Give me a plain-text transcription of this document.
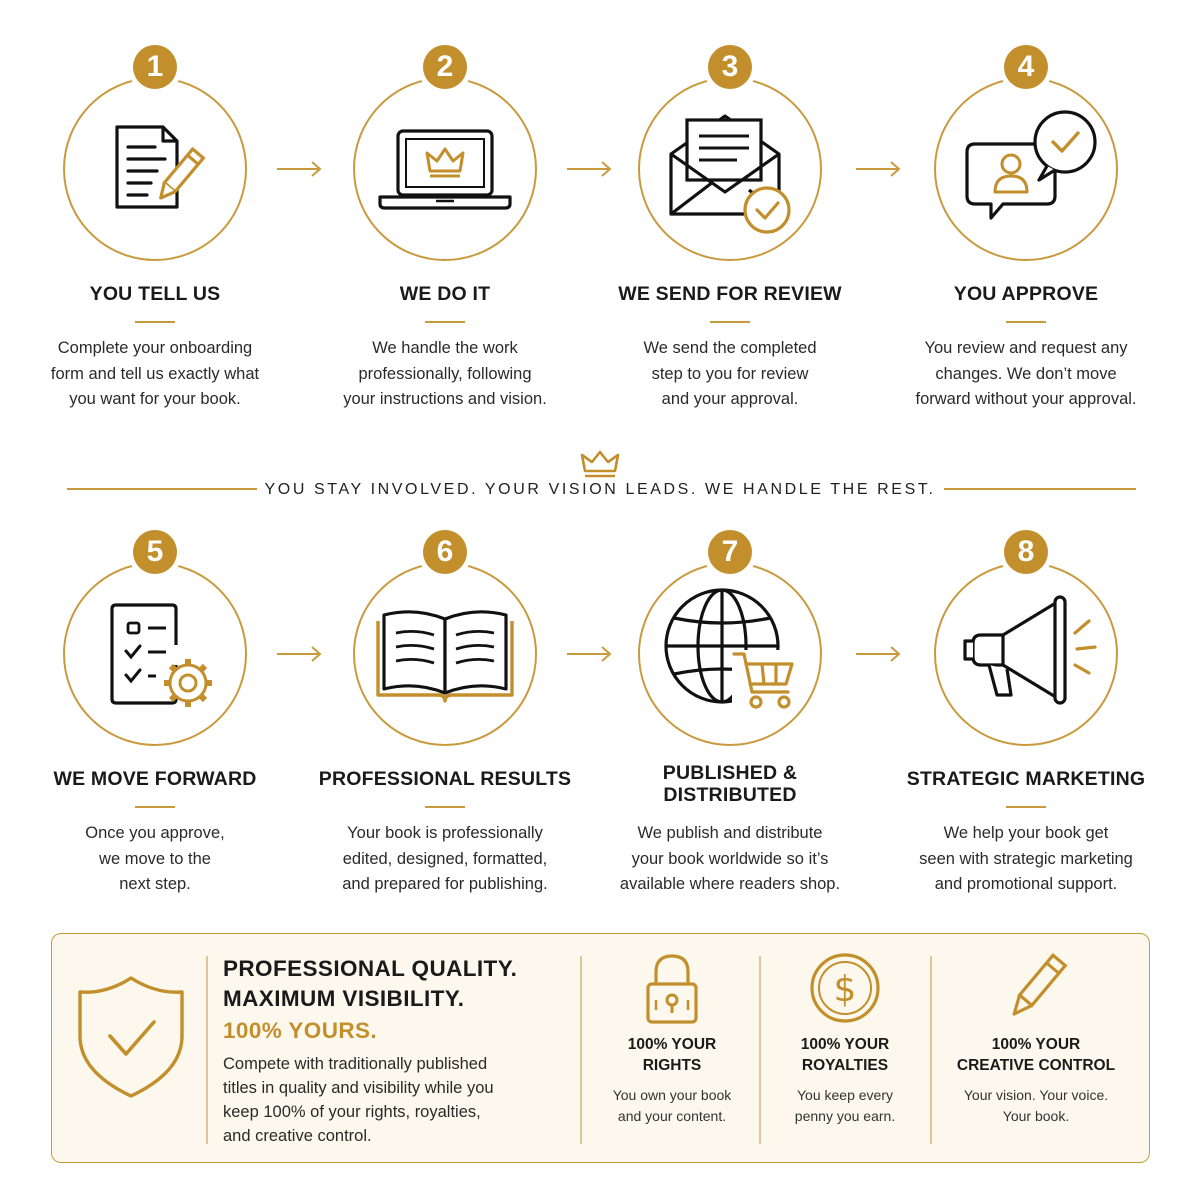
1
YOU TELL US
Complete your onboarding
form and tell us exactly what
you want for your book.
2
WE DO IT
We handle the work
professionally, following
your instructions and vision.
3
WE SEND FOR REVIEW
We send the completed
step to you for review
and your approval.
4
YOU APPROVE
You review and request any
changes. We don’t move
forward without your approval.
YOU STAY INVOLVED. YOUR VISION LEADS. WE HANDLE THE REST.
5
WE MOVE FORWARD
Once you approve,
we move to the
next step.
6
PROFESSIONAL RESULTS
Your book is professionally
edited, designed, formatted,
and prepared for publishing.
7
PUBLISHED &
DISTRIBUTED
We publish and distribute
your book worldwide so it’s
available where readers shop.
8
STRATEGIC MARKETING
We help your book get
seen with strategic marketing
and promotional support.
PROFESSIONAL QUALITY.
MAXIMUM VISIBILITY.
100% YOURS.
Compete with traditionally published
titles in quality and visibility while you
keep 100% of your rights, royalties,
and creative control.
100% YOUR
RIGHTS
You own your book
and your content.
$
100% YOUR
ROYALTIES
You keep every
penny you earn.
100% YOUR
CREATIVE CONTROL
Your vision. Your voice.
Your book.
